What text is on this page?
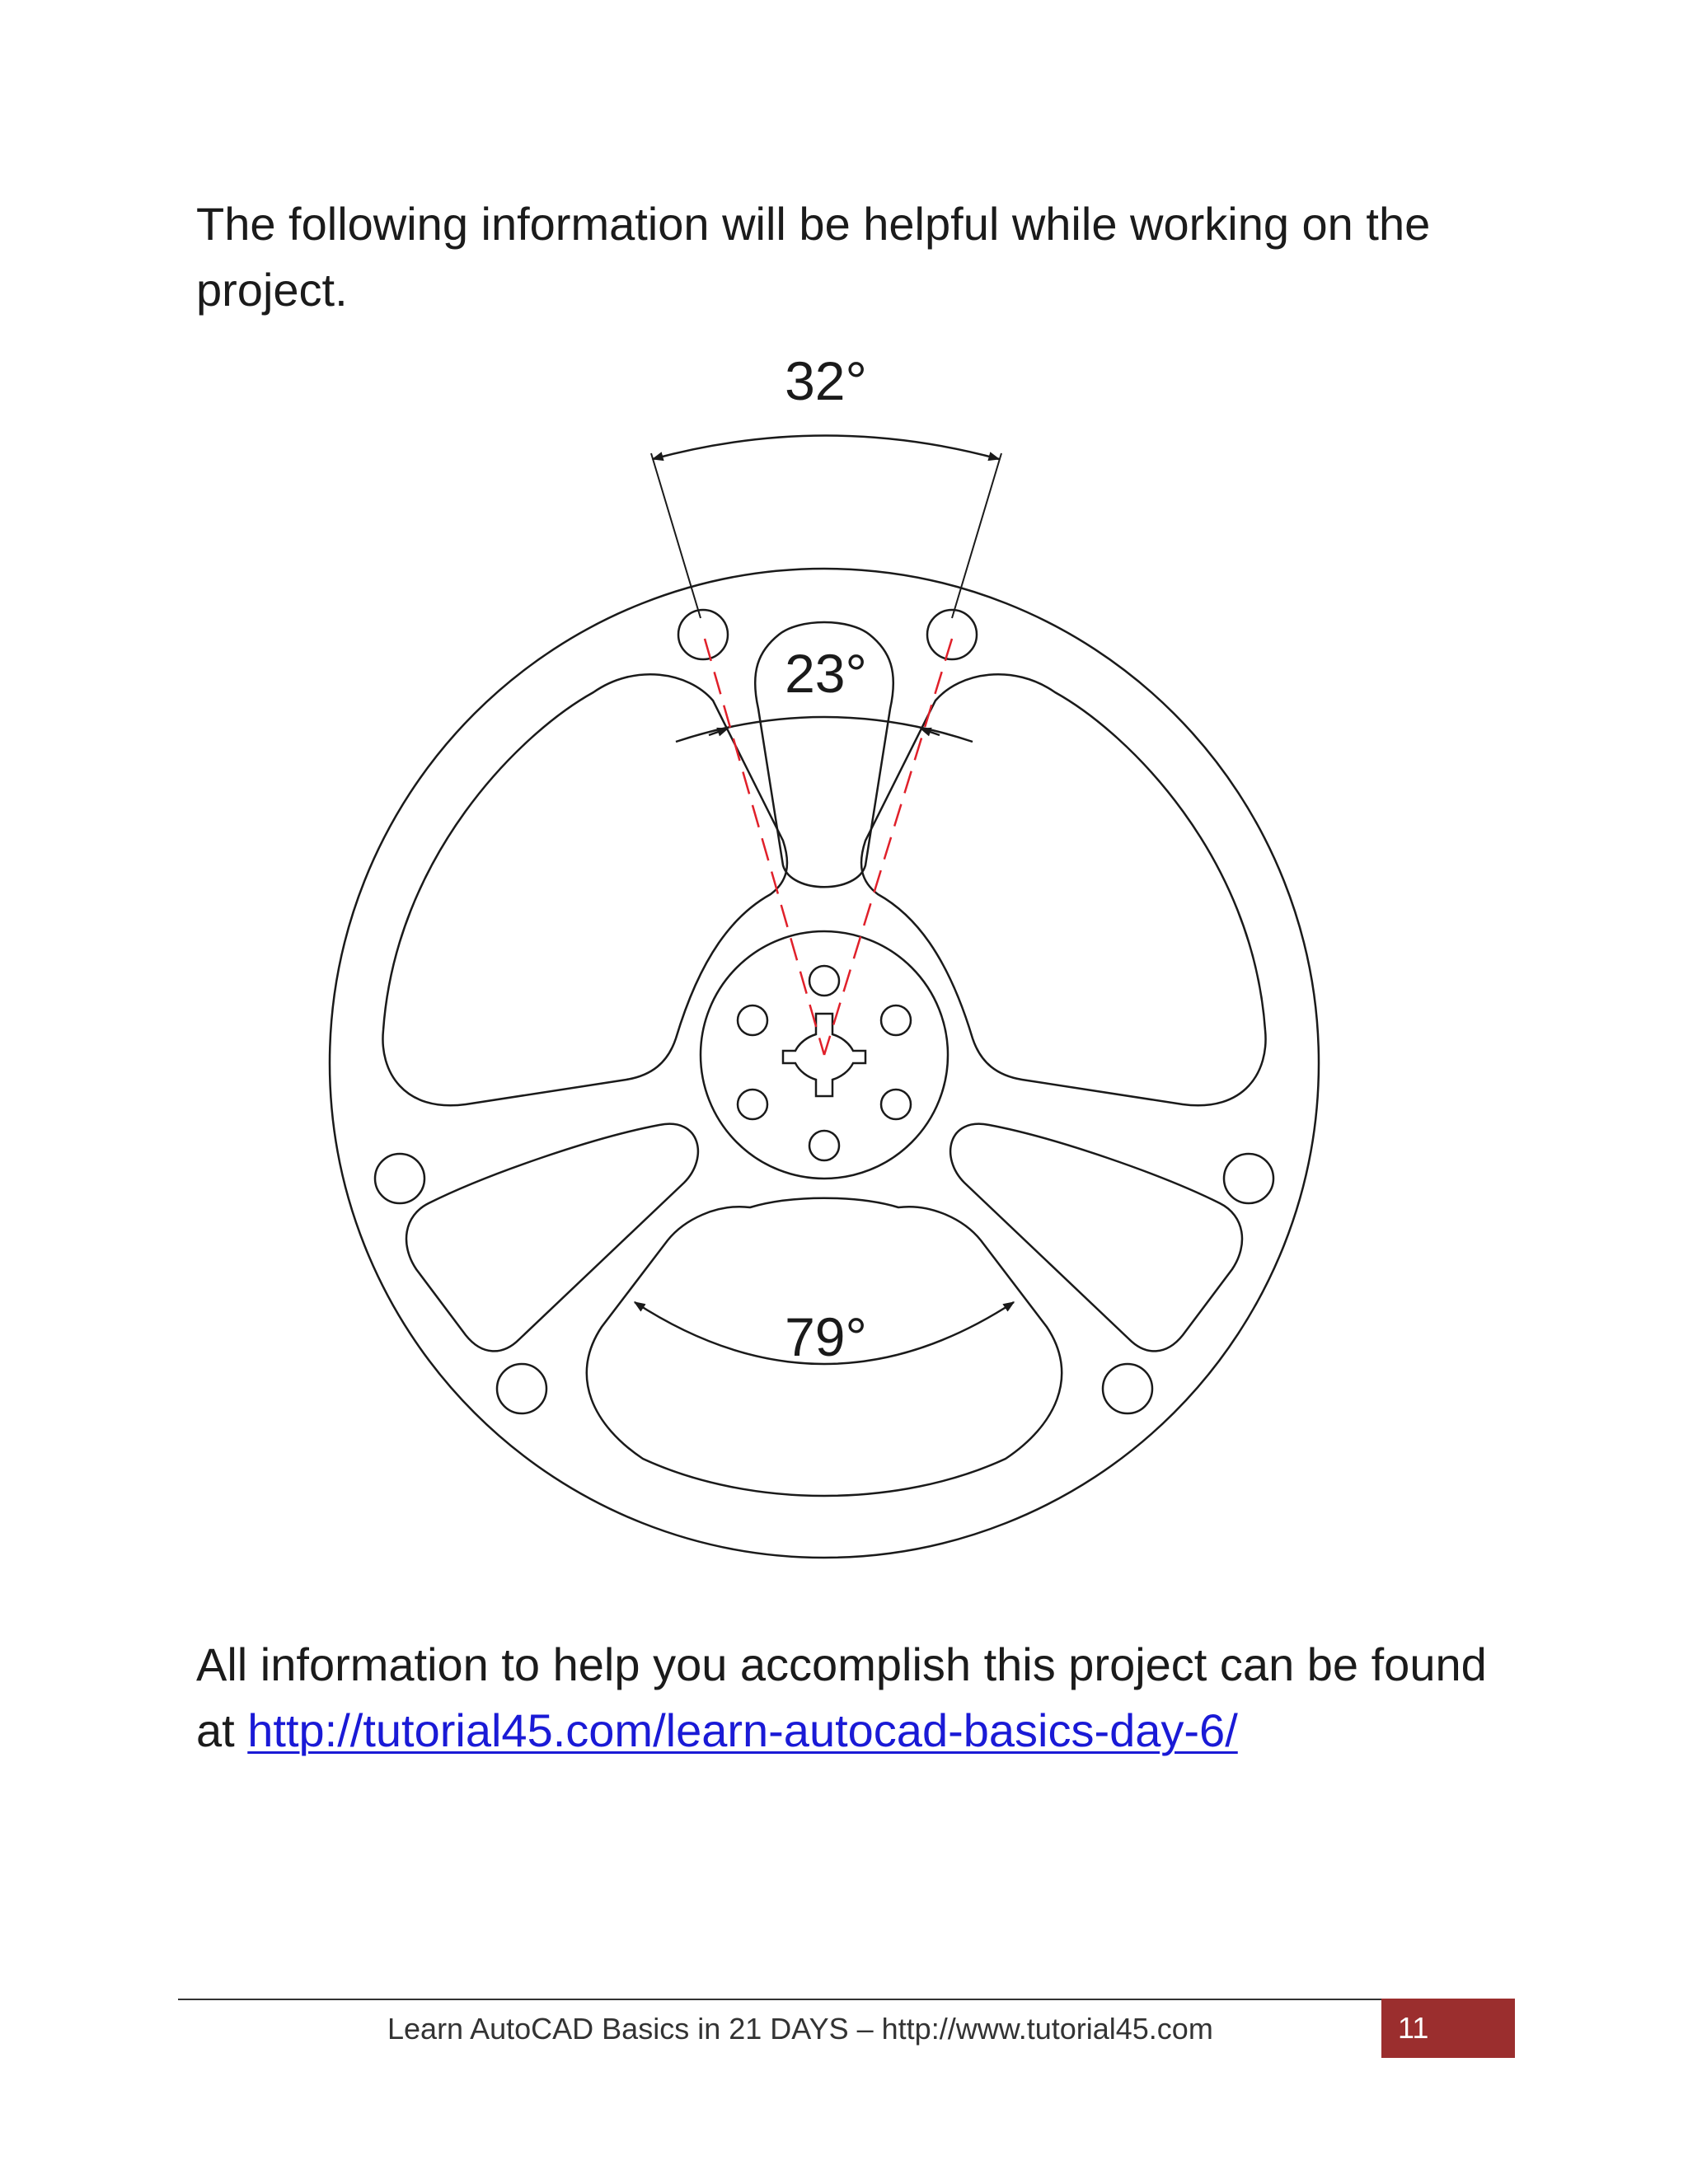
The following information will be helpful while working on the project.

32°
23°
79°

All information to help you accomplish this project can be found at http://tutorial45.com/learn-autocad-basics-day-6/

Learn AutoCAD Basics in 21 DAYS – http://www.tutorial45.com	11
